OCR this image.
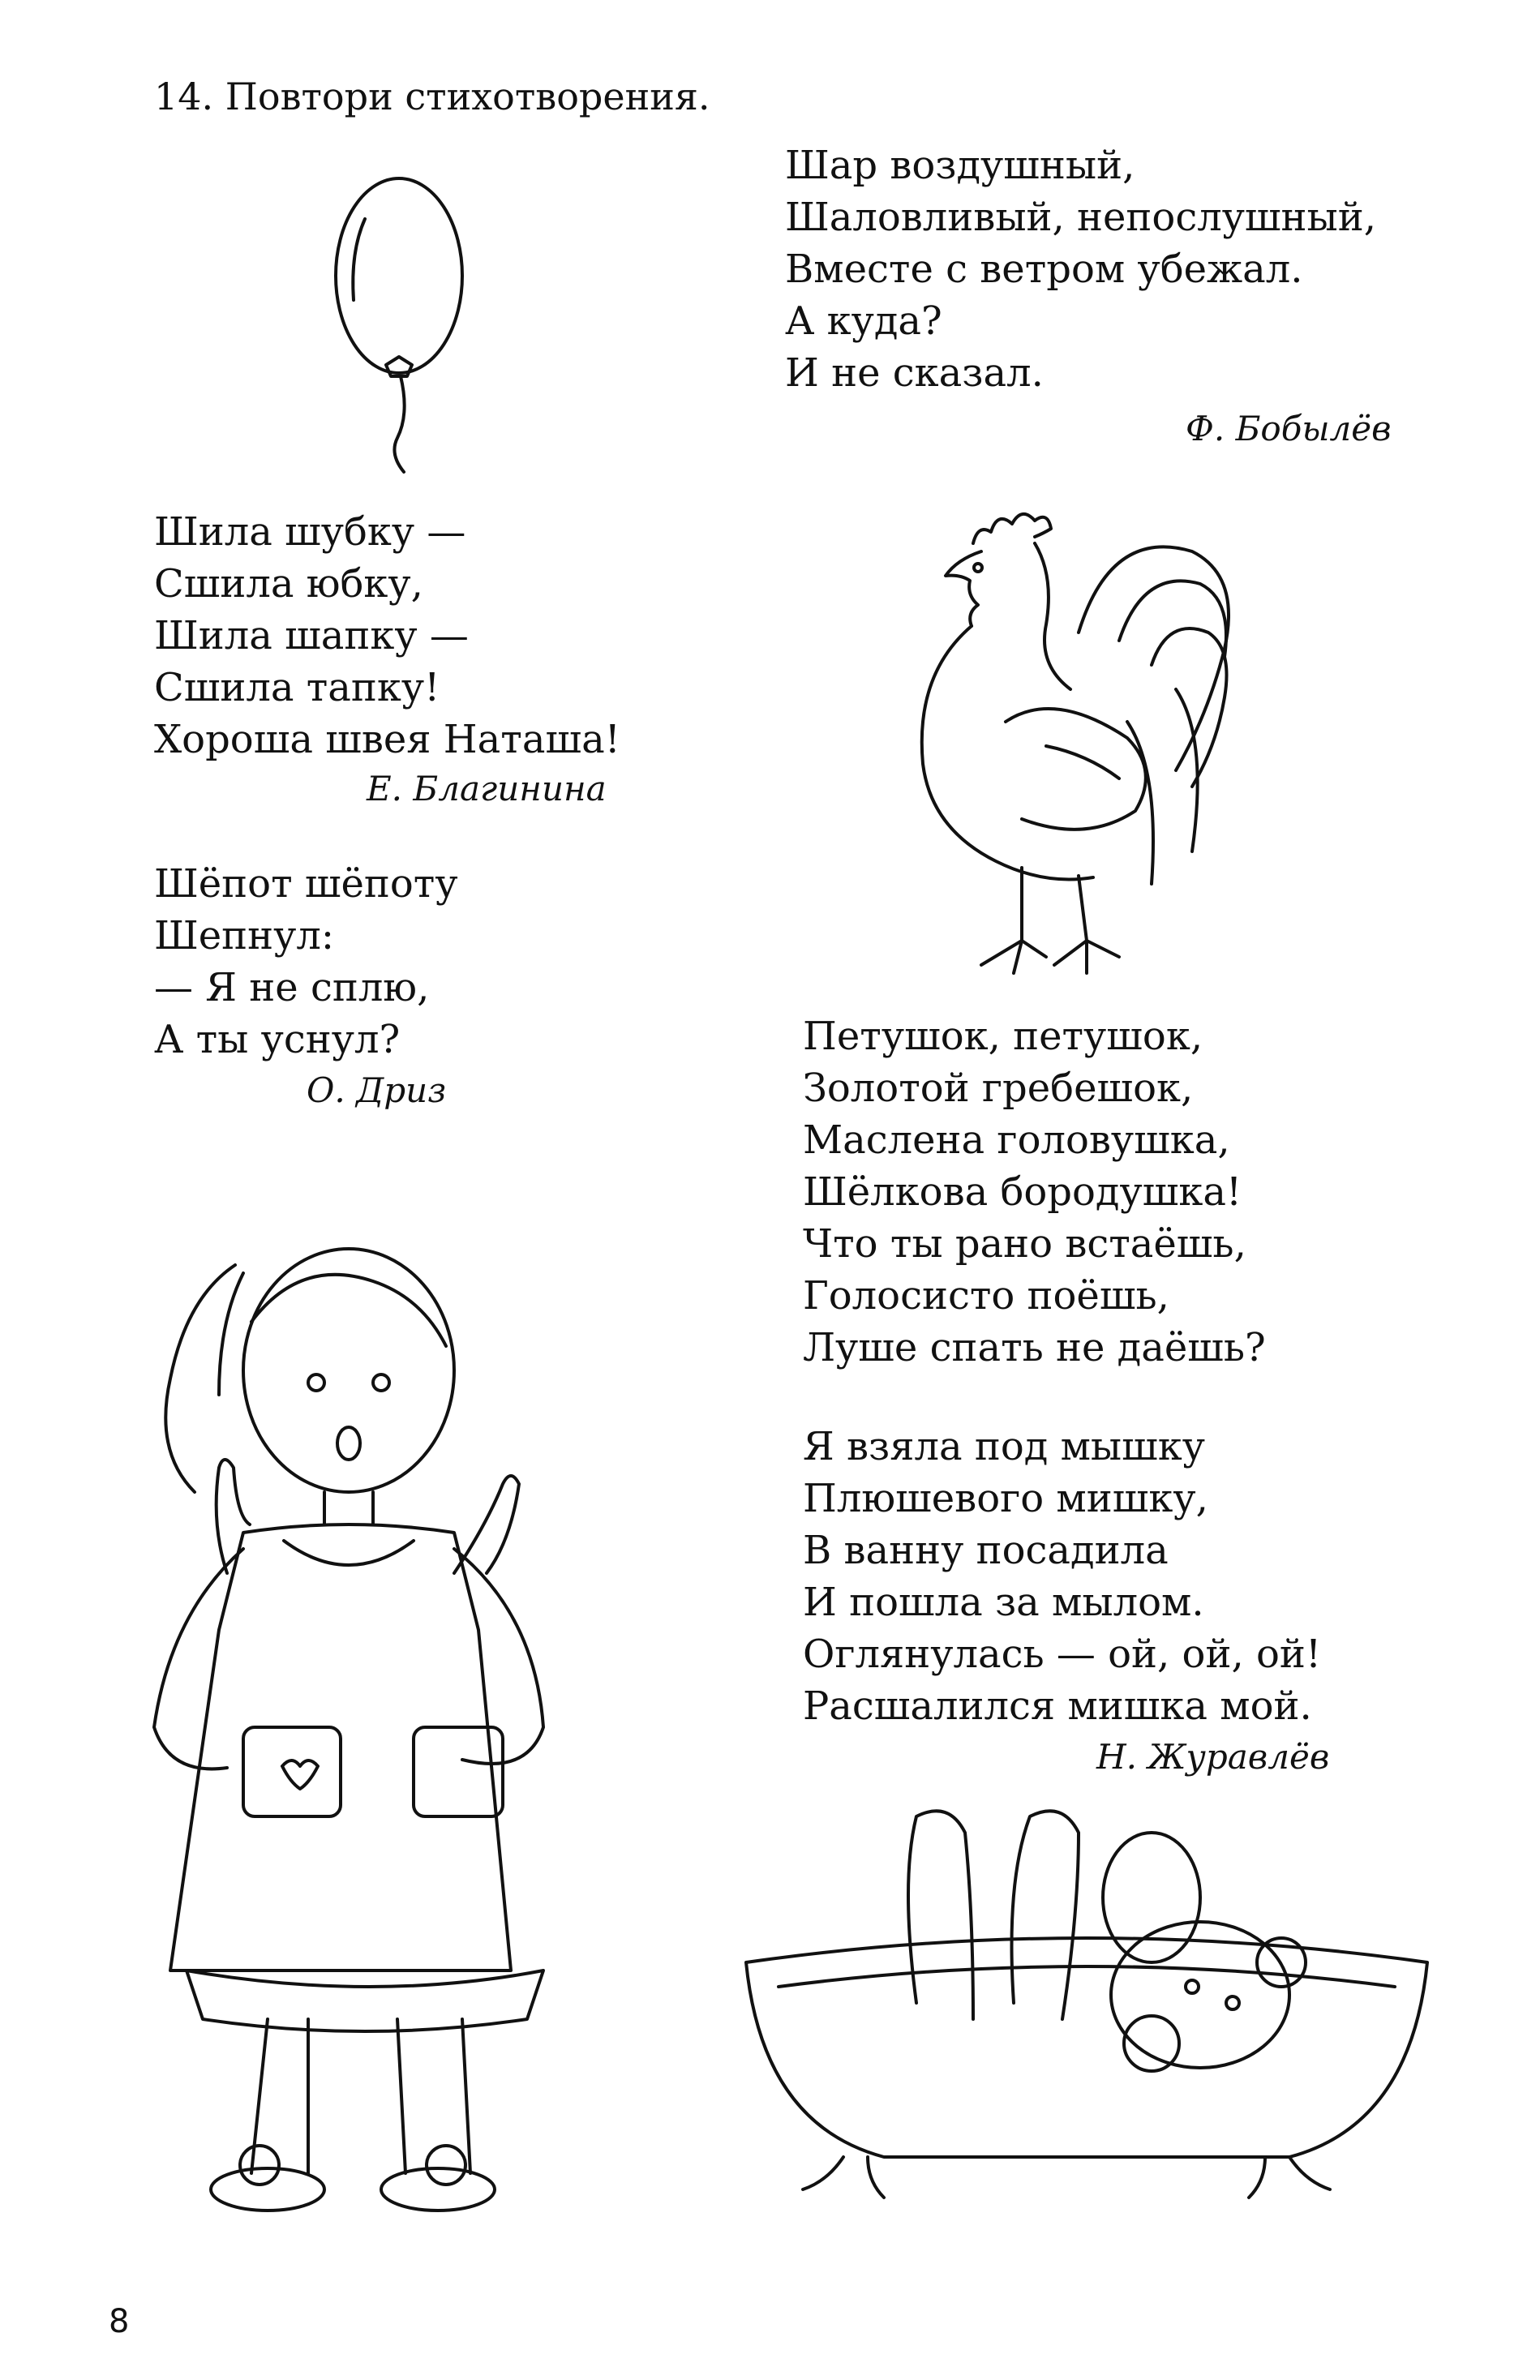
14. Повтори стихотворения.
Шар воздушный,
Шаловливый, непослушный,
Вместе с ветром убежал.
А куда?
И не сказал.
Ф. Бобылёв
Шила шубку —
Сшила юбку,
Шила шапку —
Сшила тапку!
Хороша швея Наташа!
Е. Благинина
Шёпот шёпоту
Шепнул:
— Я не сплю,
А ты уснул?
О. Дриз
Петушок, петушок,
Золотой гребешок,
Маслена головушка,
Шёлкова бородушка!
Что ты рано встаёшь,
Голосисто поёшь,
Луше спать не даёшь?
Я взяла под мышку
Плюшевого мишку,
В ванну посадила
И пошла за мылом.
Оглянулась — ой, ой, ой!
Расшалился мишка мой.
Н. Журавлёв
8
